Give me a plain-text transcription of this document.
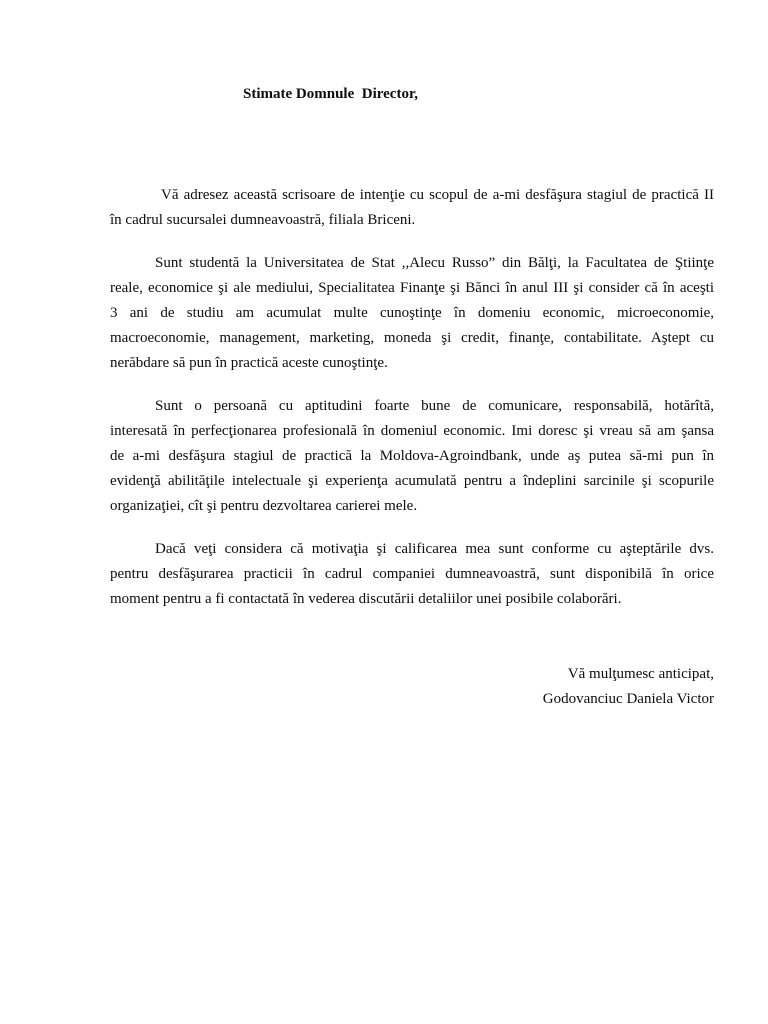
Stimate Domnule  Director,
Vă adresez această scrisoare de intenţie cu scopul de a-mi desfăşura stagiul de practică II
în cadrul sucursalei dumneavoastră, filiala Briceni.
Sunt studentă la Universitatea de Stat ,,Alecu Russo” din Bălţi, la Facultatea de Ştiinţe
reale, economice şi ale mediului, Specialitatea Finanţe şi Bănci în anul III şi consider că în aceşti
3 ani de studiu am acumulat multe cunoştinţe în domeniu economic, microeconomie,
macroeconomie, management, marketing, moneda şi credit, finanţe, contabilitate. Aştept cu
nerăbdare să pun în practică aceste cunoştinţe.
Sunt o persoană cu aptitudini foarte bune de comunicare, responsabilă, hotărîtă,
interesată în perfecţionarea profesională în domeniul economic. Imi doresc şi vreau să am şansa
de a-mi desfăşura stagiul de practică la Moldova-Agroindbank, unde aş putea să-mi pun în
evidenţă abilităţile intelectuale şi experienţa acumulată pentru a îndeplini sarcinile şi scopurile
organizaţiei, cît şi pentru dezvoltarea carierei mele.
Dacă veţi considera că motivaţia şi calificarea mea sunt conforme cu aşteptările dvs.
pentru desfăşurarea practicii în cadrul companiei dumneavoastră, sunt disponibilă în orice
moment pentru a fi contactată în vederea discutării detaliilor unei posibile colaborări.
Vă mulţumesc anticipat,
Godovanciuc Daniela Victor
